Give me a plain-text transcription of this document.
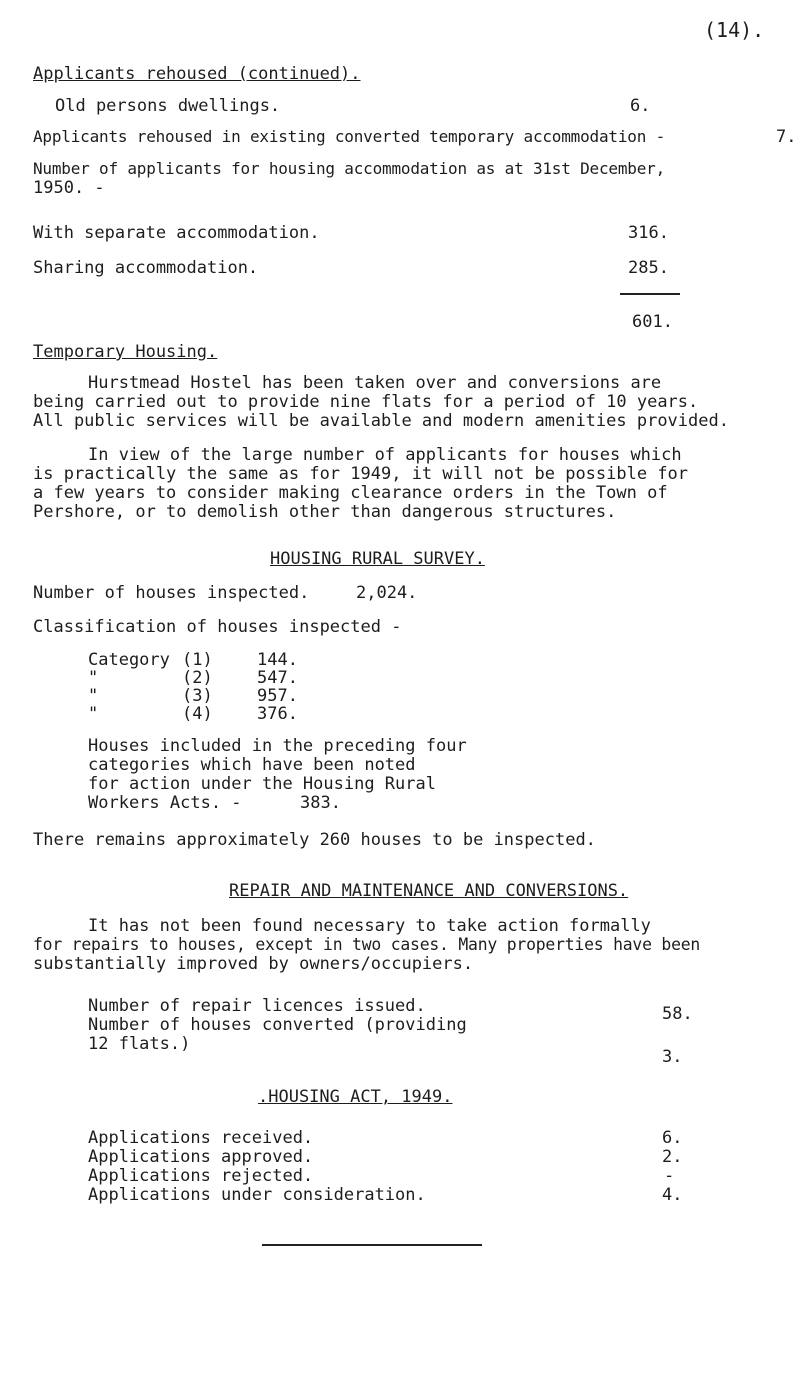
(14).
Applicants rehoused (continued).
Old persons dwellings.	6.
Applicants rehoused in existing converted temporary accommodation -	7.
Number of applicants for housing accommodation as at 31st December,
1950. -
With separate accommodation.	316.
Sharing accommodation.	285.
601.
Temporary Housing.
Hurstmead Hostel has been taken over and conversions are
being carried out to provide nine flats for a period of 10 years.
All public services will be available and modern amenities provided.
In view of the large number of applicants for houses which
is practically the same as for 1949, it will not be possible for
a few years to consider making clearance orders in the Town of
Pershore, or to demolish other than dangerous structures.
HOUSING RURAL SURVEY.
Number of houses inspected.	2,024.
Classification of houses inspected -
Category (1)	144.
"	(2)	547.
"	(3)	957.
"	(4)	376.
Houses included in the preceding four
categories which have been noted
for action under the Housing Rural
Workers Acts. -	383.
There remains approximately 260 houses to be inspected.
REPAIR AND MAINTENANCE AND CONVERSIONS.
It has not been found necessary to take action formally
for repairs to houses, except in two cases. Many properties have been
substantially improved by owners/occupiers.
Number of repair licences issued.	58.
Number of houses converted (providing
12 flats.)
3.
.HOUSING ACT, 1949.
Applications received.	6.
Applications approved.	2.
Applications rejected.	-
Applications under consideration.	4.
